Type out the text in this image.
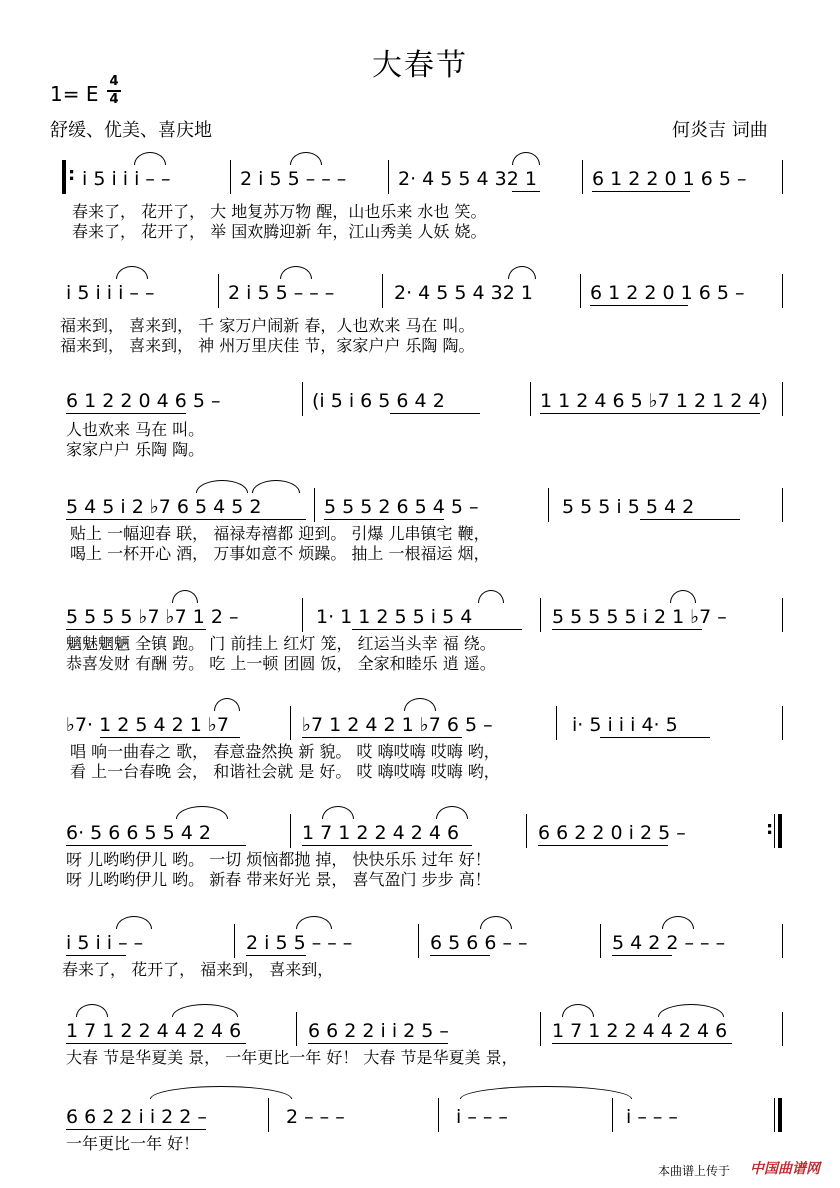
大春节
1= E
4
4
舒缓、优美、喜庆地	何炎吉 词曲
: i 5 i i i – –	2 i 5 5 – – –	2· 4 5 5 4 32 1	6 1 2 2 0 1 6 5 –
春来了， 花开了， 大 地复苏万物 醒，山也乐来 水也 笑。
春来了， 花开了， 举 国欢腾迎新 年，江山秀美 人妖 娆。
i 5 i i i – –	2 i 5 5 – – –	2· 4 5 5 4 32 1	6 1 2 2 0 1 6 5 –
福来到， 喜来到， 千 家万户闹新 春，人也欢来 马在 叫。
福来到， 喜来到， 神 州万里庆佳 节，家家户户 乐陶 陶。
6 1 2 2 0 4 6 5 –	(i 5 i 6 5 6 4 2	1 1 2 4 6 5 ♭7 1 2 1 2 4)
人也欢来 马在 叫。
家家户户 乐陶 陶。
5 4 5 i 2 ♭7 6 5 4 5 2	5 5 5 2 6 5 4 5 –	5 5 5 i 5 5 4 2
贴上 一幅迎春 联， 福禄寿禧都 迎到。 引爆 儿串镇宅 鞭，
喝上 一杯开心 酒， 万事如意不 烦躁。 抽上 一根福运 烟，
5 5 5 5 ♭7 ♭7 1 2 –	1· 1 1 2 5 5 i 5 4	5 5 5 5 5 i 2 1 ♭7 –
魑魅魍魉 全镇 跑。 门 前挂上 红灯 笼， 红运当头幸 福 绕。
恭喜发财 有酬 劳。 吃 上一顿 团圆 饭， 全家和睦乐 逍 遥。
♭7· 1 2 5 4 2 1 ♭7	♭7 1 2 4 2 1 ♭7 6 5 –	i· 5 i i i 4· 5
唱 响一曲春之 歌， 春意盎然换 新 貌。 哎 嗨哎嗨 哎嗨 哟，
看 上一台春晚 会， 和谐社会就 是 好。 哎 嗨哎嗨 哎嗨 哟，
6· 5 6 6 5 5 4 2	1 7 1 2 2 4 2 4 6	6 6 2 2 0 i 2 5 –	:
呀 儿哟哟伊儿 哟。 一切 烦恼都抛 掉， 快快乐乐 过年 好！
呀 儿哟哟伊儿 哟。 新春 带来好光 景， 喜气盈门 步步 高！
i 5 i i – –	2 i 5 5 – – –	6 5 6 6 – –	5 4 2 2 – – –
春来了， 花开了， 福来到， 喜来到，
1 7 1 2 2 4 4 2 4 6	6 6 2 2 i i 2 5 –	1 7 1 2 2 4 4 2 4 6
大春 节是华夏美 景， 一年更比一年 好！ 大春 节是华夏美 景，
6 6 2 2 i i 2 2 –	2 – – –	i – – –	i – – –
一年更比一年 好！
本曲谱上传于 中国曲谱网
